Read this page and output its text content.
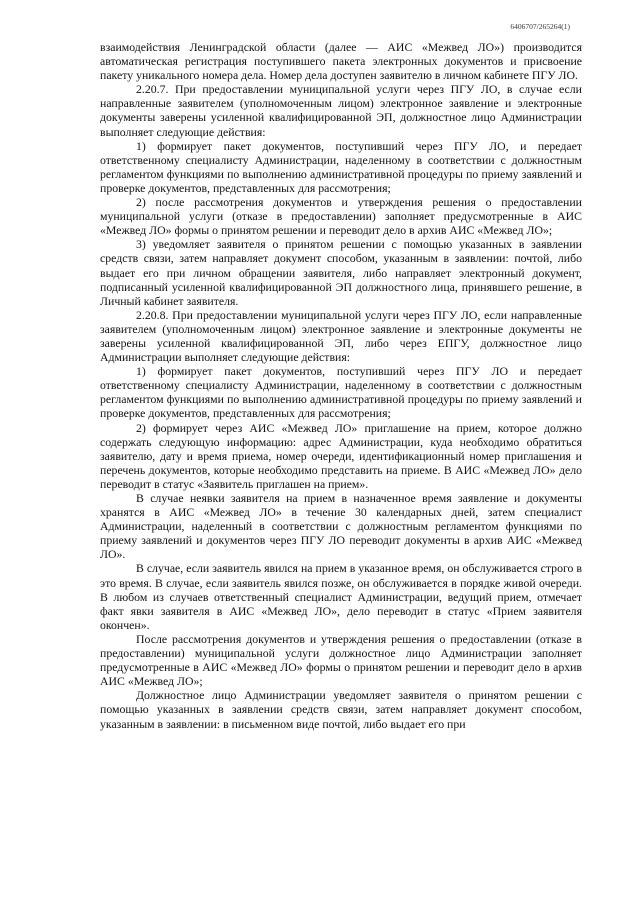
6406707/265264(1)

взаимодействия Ленинградской области (далее — АИС «Межвед ЛО») производится автоматическая регистрация поступившего пакета электронных документов и присвоение пакету уникального номера дела. Номер дела доступен заявителю в личном кабинете ПГУ ЛО.

2.20.7. При предоставлении муниципальной услуги через ПГУ ЛО, в случае если направленные заявителем (уполномоченным лицом) электронное заявление и электронные документы заверены усиленной квалифицированной ЭП, должностное лицо Администрации выполняет следующие действия:

1) формирует пакет документов, поступивший через ПГУ ЛО, и передает ответственному специалисту Администрации, наделенному в соответствии с должностным регламентом функциями по выполнению административной процедуры по приему заявлений и проверке документов, представленных для рассмотрения;

2) после рассмотрения документов и утверждения решения о предоставлении муниципальной услуги (отказе в предоставлении) заполняет предусмотренные в АИС «Межвед ЛО» формы о принятом решении и переводит дело в архив АИС «Межвед ЛО»;

3) уведомляет заявителя о принятом решении с помощью указанных в заявлении средств связи, затем направляет документ способом, указанным в заявлении: почтой, либо выдает его при личном обращении заявителя, либо направляет электронный документ, подписанный усиленной квалифицированной ЭП должностного лица, принявшего решение, в Личный кабинет заявителя.

2.20.8. При предоставлении муниципальной услуги через ПГУ ЛО, если направленные заявителем (уполномоченным лицом) электронное заявление и электронные документы не заверены усиленной квалифицированной ЭП, либо через ЕПГУ, должностное лицо Администрации выполняет следующие действия:

1) формирует пакет документов, поступивший через ПГУ ЛО и передает ответственному специалисту Администрации, наделенному в соответствии с должностным регламентом функциями по выполнению административной процедуры по приему заявлений и проверке документов, представленных для рассмотрения;

2) формирует через АИС «Межвед ЛО» приглашение на прием, которое должно содержать следующую информацию: адрес Администрации, куда необходимо обратиться заявителю, дату и время приема, номер очереди, идентификационный номер приглашения и перечень документов, которые необходимо представить на приеме. В АИС «Межвед ЛО» дело переводит в статус «Заявитель приглашен на прием».

В случае неявки заявителя на прием в назначенное время заявление и документы хранятся в АИС «Межвед ЛО» в течение 30 календарных дней, затем специалист Администрации, наделенный в соответствии с должностным регламентом функциями по приему заявлений и документов через ПГУ ЛО переводит документы в архив АИС «Межвед ЛО».

В случае, если заявитель явился на прием в указанное время, он обслуживается строго в это время. В случае, если заявитель явился позже, он обслуживается в порядке живой очереди. В любом из случаев ответственный специалист Администрации, ведущий прием, отмечает факт явки заявителя в АИС «Межвед ЛО», дело переводит в статус «Прием заявителя окончен».

После рассмотрения документов и утверждения решения о предоставлении (отказе в предоставлении) муниципальной услуги должностное лицо Администрации заполняет предусмотренные в АИС «Межвед ЛО» формы о принятом решении и переводит дело в архив АИС «Межвед ЛО»;

Должностное лицо Администрации уведомляет заявителя о принятом решении с помощью указанных в заявлении средств связи, затем направляет документ способом, указанным в заявлении: в письменном виде почтой, либо выдает его при
